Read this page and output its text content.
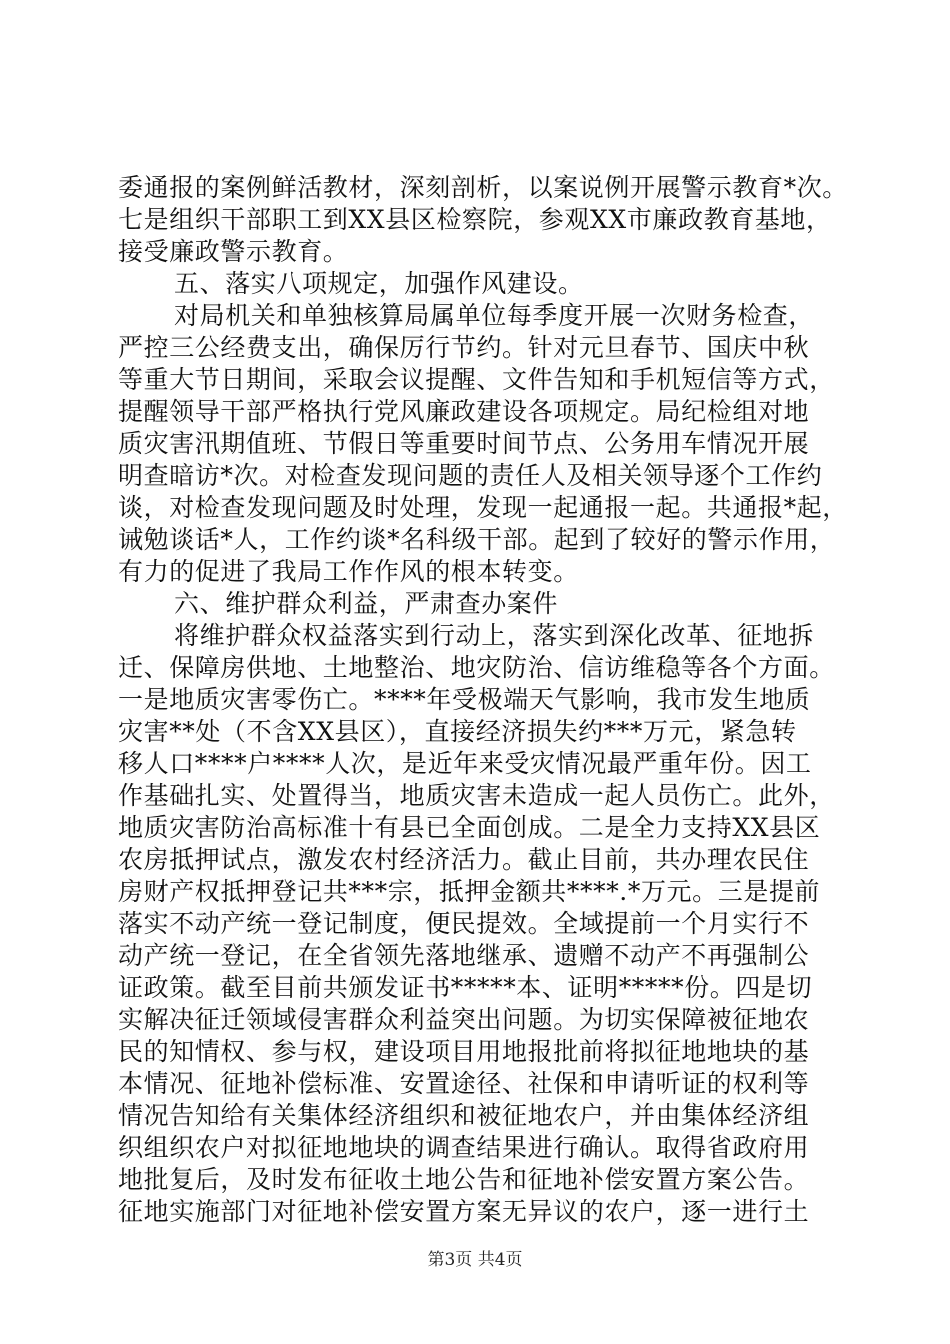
委通报的案例鲜活教材，深刻剖析，以案说例开展警示教育*次。
七是组织干部职工到XX县区检察院，参观XX市廉政教育基地，
接受廉政警示教育。
五、落实八项规定，加强作风建设。
对局机关和单独核算局属单位每季度开展一次财务检查，
严控三公经费支出，确保厉行节约。针对元旦春节、国庆中秋
等重大节日期间，采取会议提醒、文件告知和手机短信等方式，
提醒领导干部严格执行党风廉政建设各项规定。局纪检组对地
质灾害汛期值班、节假日等重要时间节点、公务用车情况开展
明查暗访*次。对检查发现问题的责任人及相关领导逐个工作约
谈，对检查发现问题及时处理，发现一起通报一起。共通报*起，
诫勉谈话*人，工作约谈*名科级干部。起到了较好的警示作用，
有力的促进了我局工作作风的根本转变。
六、维护群众利益，严肃查办案件
将维护群众权益落实到行动上，落实到深化改革、征地拆
迁、保障房供地、土地整治、地灾防治、信访维稳等各个方面。
一是地质灾害零伤亡。****年受极端天气影响，我市发生地质
灾害**处（不含XX县区），直接经济损失约***万元，紧急转
移人口****户****人次，是近年来受灾情况最严重年份。因工
作基础扎实、处置得当，地质灾害未造成一起人员伤亡。此外，
地质灾害防治高标准十有县已全面创成。二是全力支持XX县区
农房抵押试点，激发农村经济活力。截止目前，共办理农民住
房财产权抵押登记共***宗，抵押金额共****.*万元。三是提前
落实不动产统一登记制度，便民提效。全域提前一个月实行不
动产统一登记，在全省领先落地继承、遗赠不动产不再强制公
证政策。截至目前共颁发证书*****本、证明*****份。四是切
实解决征迁领域侵害群众利益突出问题。为切实保障被征地农
民的知情权、参与权，建设项目用地报批前将拟征地地块的基
本情况、征地补偿标准、安置途径、社保和申请听证的权利等
情况告知给有关集体经济组织和被征地农户，并由集体经济组
织组织农户对拟征地地块的调查结果进行确认。取得省政府用
地批复后，及时发布征收土地公告和征地补偿安置方案公告。
征地实施部门对征地补偿安置方案无异议的农户，逐一进行土
第3页 共4页
